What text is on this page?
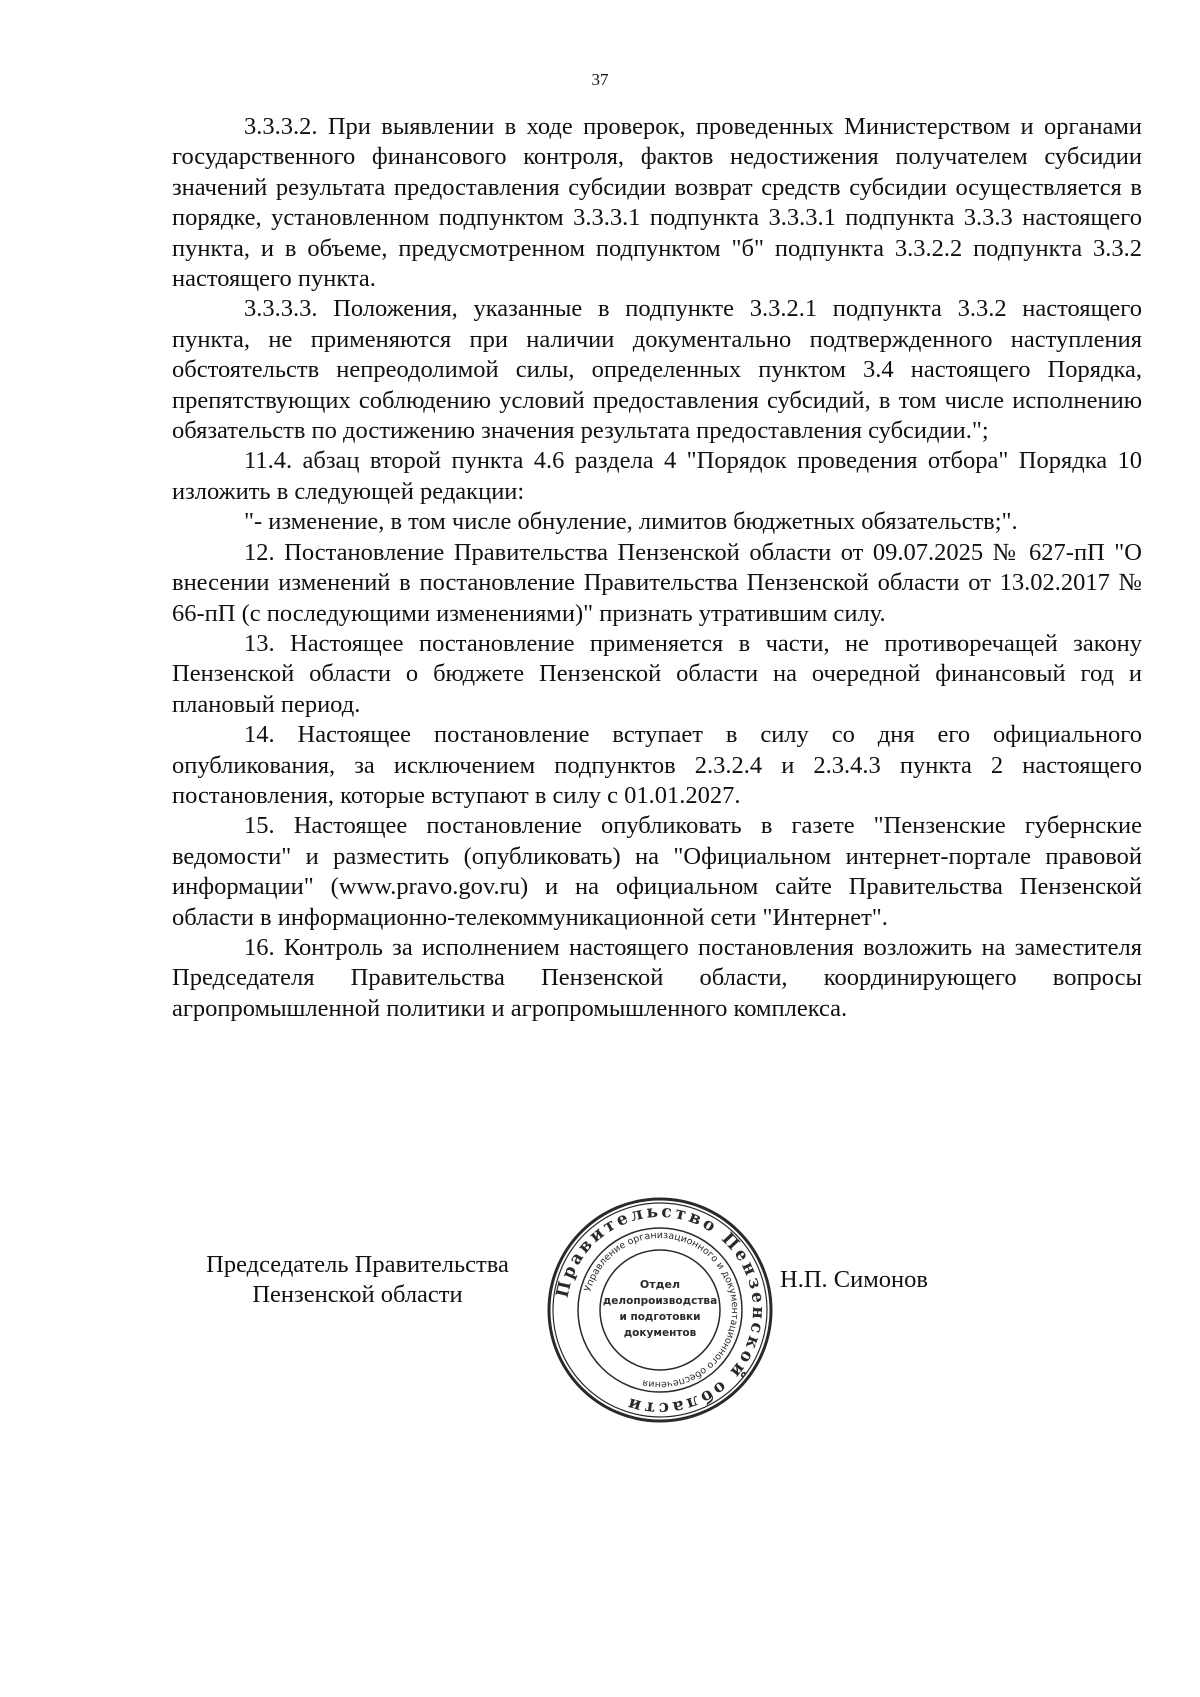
37

3.3.3.2. При выявлении в ходе проверок, проведенных Министерством и органами государственного финансового контроля, фактов недостижения получателем субсидии значений результата предоставления субсидии возврат средств субсидии осуществляется в порядке, установленном подпунктом 3.3.3.1 подпункта 3.3.3.1 подпункта 3.3.3 настоящего пункта, и в объеме, предусмотренном подпунктом "б" подпункта 3.3.2.2 подпункта 3.3.2 настоящего пункта.

3.3.3.3. Положения, указанные в подпункте 3.3.2.1 подпункта 3.3.2 настоящего пункта, не применяются при наличии документально подтвержденного наступления обстоятельств непреодолимой силы, определенных пунктом 3.4 настоящего Порядка, препятствующих соблюдению условий предоставления субсидий, в том числе исполнению обязательств по достижению значения результата предоставления субсидии.";

11.4. абзац второй пункта 4.6 раздела 4 "Порядок проведения отбора" Порядка 10 изложить в следующей редакции:

"- изменение, в том числе обнуление, лимитов бюджетных обязательств;".

12. Постановление Правительства Пензенской области от 09.07.2025 № 627-пП "О внесении изменений в постановление Правительства Пензенской области от 13.02.2017 № 66-пП (с последующими изменениями)" признать утратившим силу.

13. Настоящее постановление применяется в части, не противоречащей закону Пензенской области о бюджете Пензенской области на очередной финансовый год и плановый период.

14. Настоящее постановление вступает в силу со дня его официального опубликования, за исключением подпунктов 2.3.2.4 и 2.3.4.3 пункта 2 настоящего постановления, которые вступают в силу с 01.01.2027.

15. Настоящее постановление опубликовать в газете "Пензенские губернские ведомости" и разместить (опубликовать) на "Официальном интернет-портале правовой информации" (www.pravo.gov.ru) и на официальном сайте Правительства Пензенской области в информационно-телекоммуникационной сети "Интернет".

16. Контроль за исполнением настоящего постановления возложить на заместителя Председателя Правительства Пензенской области, координирующего вопросы агропромышленной политики и агропромышленного комплекса.

Председатель Правительства
Пензенской области	Правительство Пензенской области
Управление организационного и документационного обеспечения
Отдел
делопроизводства
и подготовки
документов
Н.П. Симонов
